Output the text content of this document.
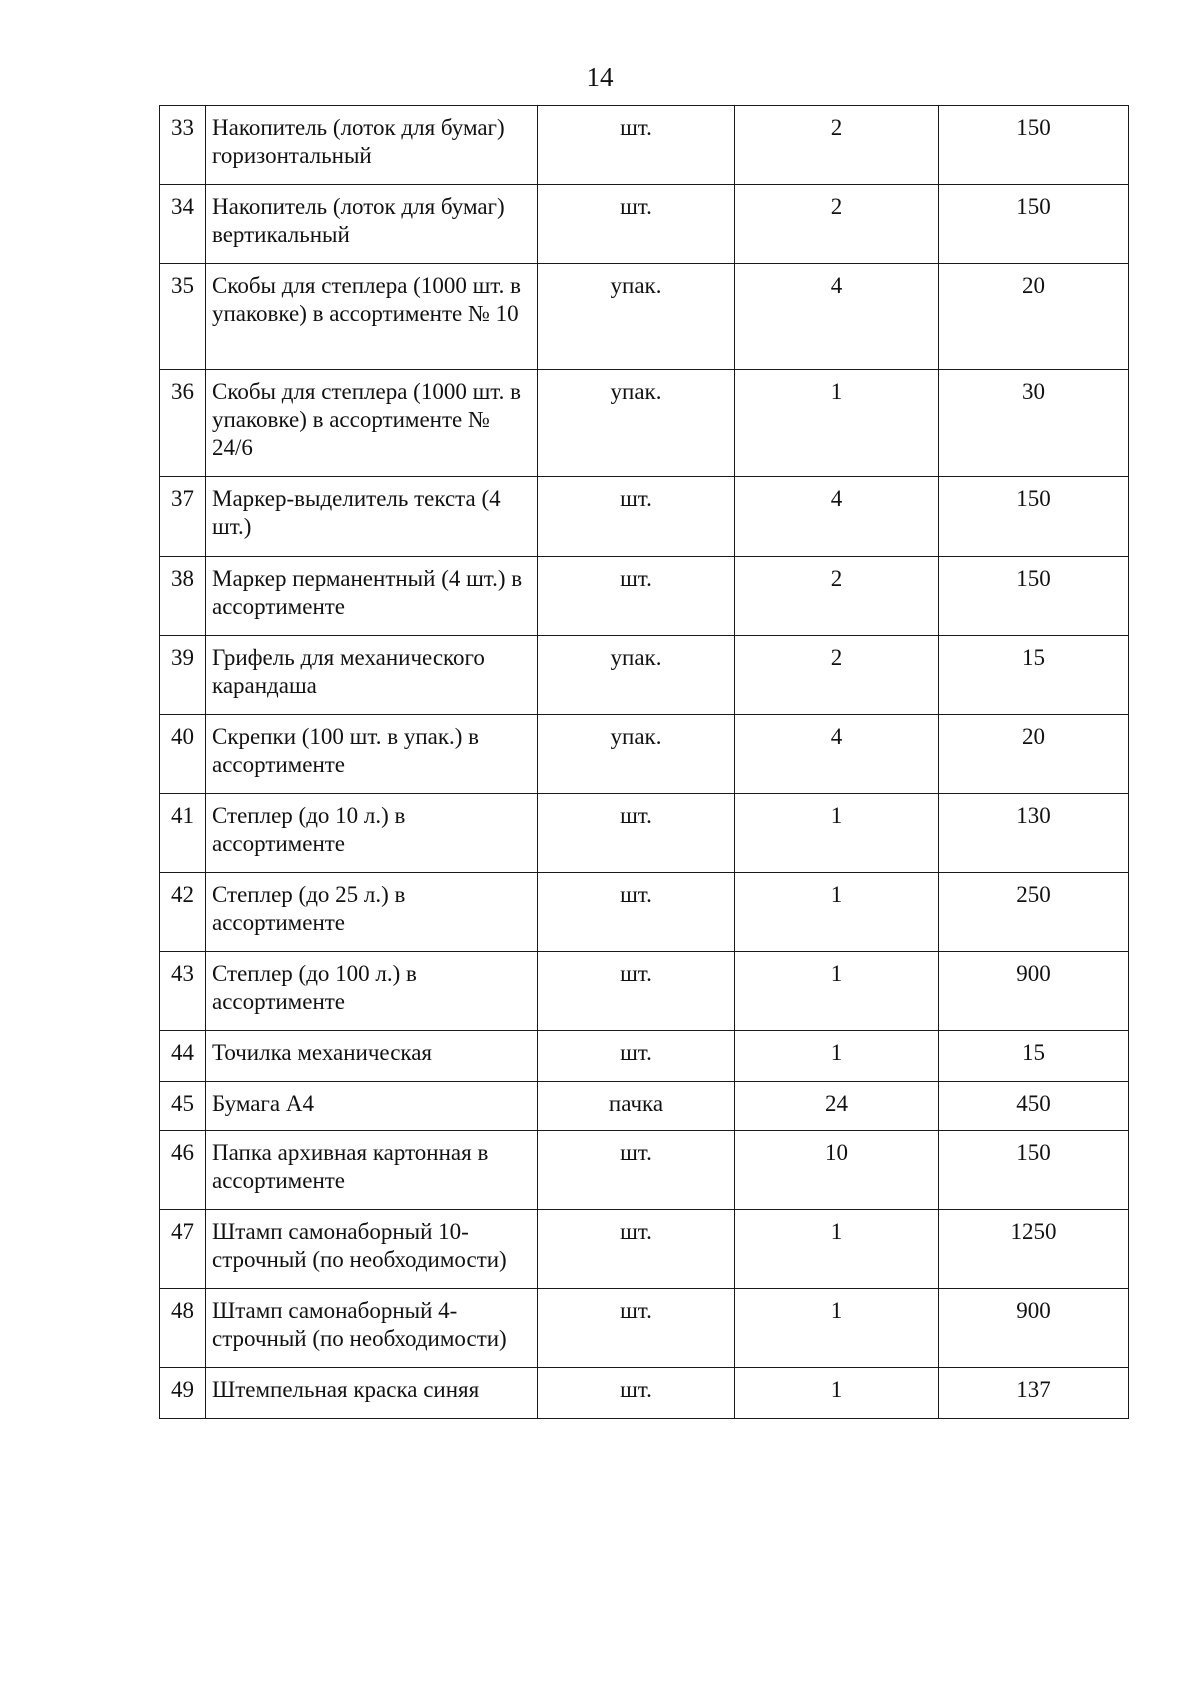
14
33	Накопитель (лоток для бумаг) горизонтальный	шт.	2	150
34	Накопитель (лоток для бумаг) вертикальный	шт.	2	150
35	Скобы для степлера (1000 шт. в упаковке) в ассортименте № 10	упак.	4	20
36	Скобы для степлера (1000 шт. в упаковке) в ассортименте № 24/6	упак.	1	30
37	Маркер-выделитель текста (4 шт.)	шт.	4	150
38	Маркер перманентный (4 шт.) в ассортименте	шт.	2	150
39	Грифель для механического карандаша	упак.	2	15
40	Скрепки (100 шт. в упак.) в ассортименте	упак.	4	20
41	Степлер (до 10 л.) в ассортименте	шт.	1	130
42	Степлер (до 25 л.) в ассортименте	шт.	1	250
43	Степлер (до 100 л.) в ассортименте	шт.	1	900
44	Точилка механическая	шт.	1	15
45	Бумага А4	пачка	24	450
46	Папка архивная картонная в ассортименте	шт.	10	150
47	Штамп самонаборный 10-строчный (по необходимости)	шт.	1	1250
48	Штамп самонаборный 4-строчный (по необходимости)	шт.	1	900
49	Штемпельная краска синяя	шт.	1	137
